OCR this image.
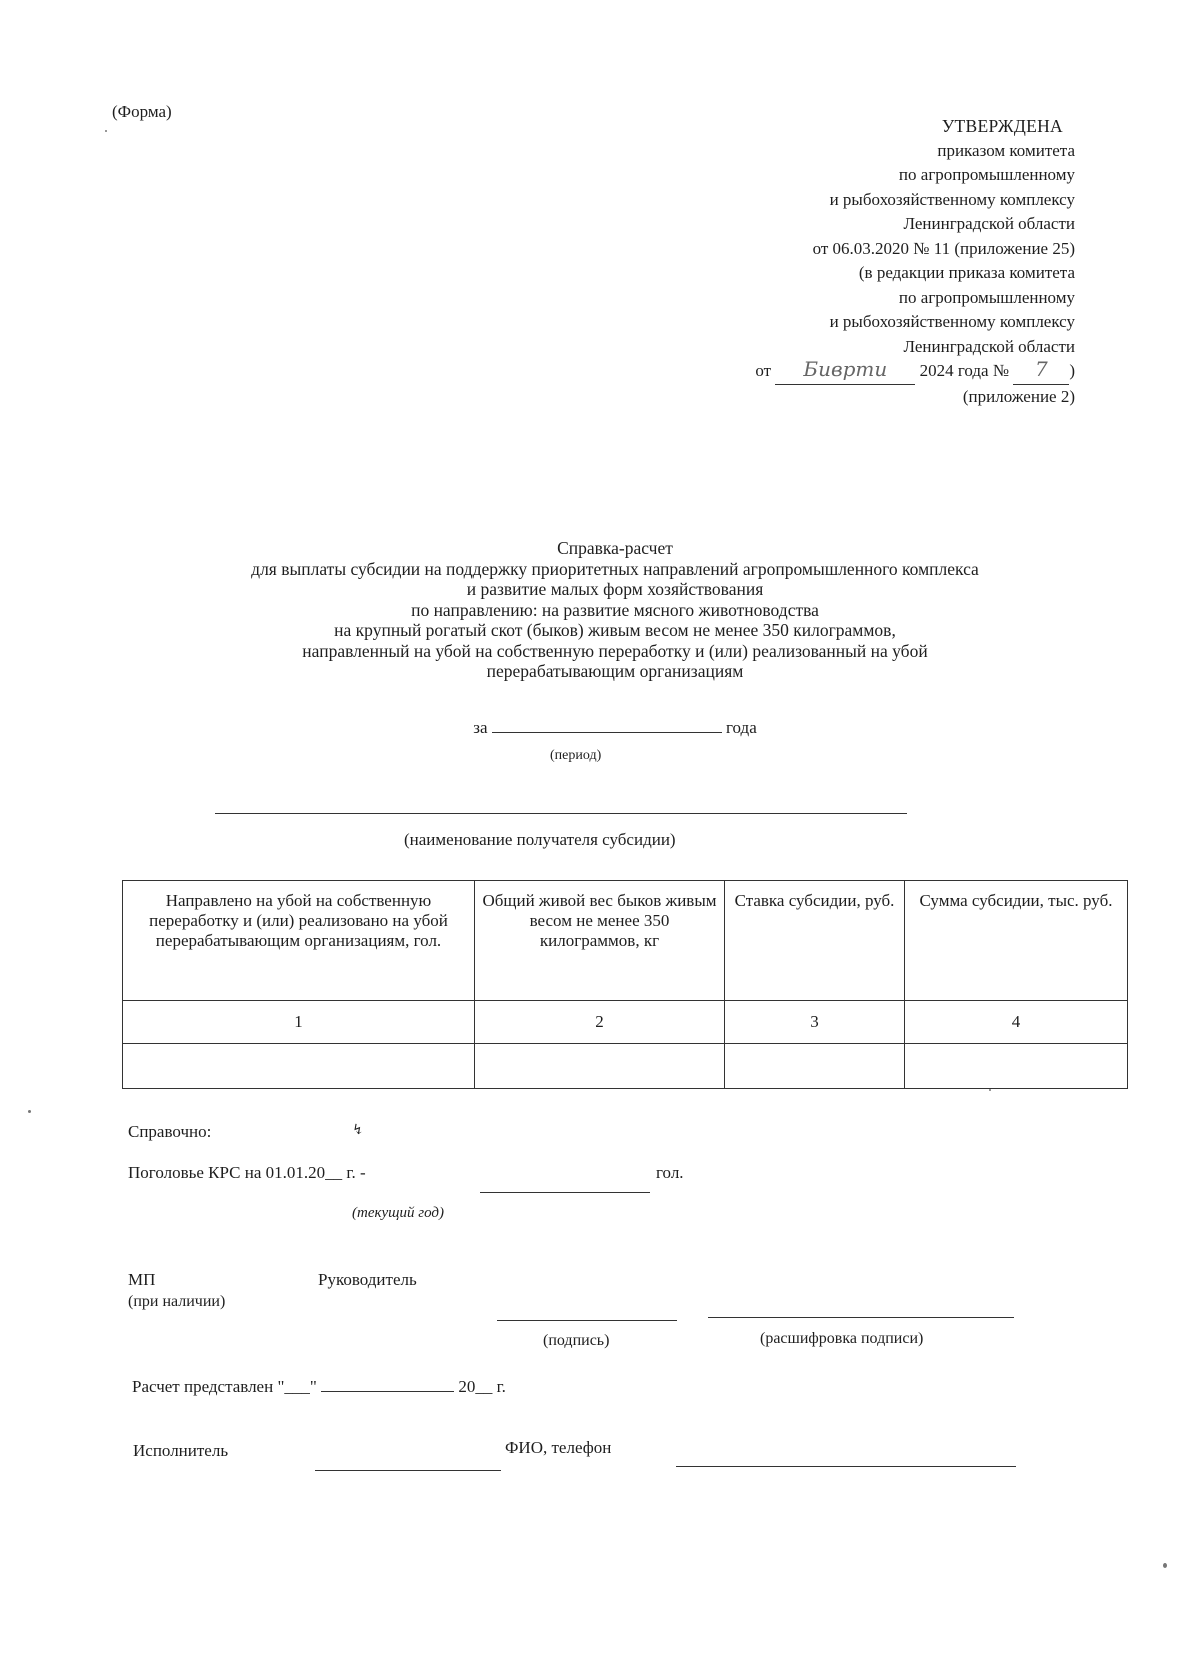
(Форма)
УТВЕРЖДЕНА
приказом комитета
по агропромышленному
и рыбохозяйственному комплексу
Ленинградской области
от 06.03.2020 № 11 (приложение 25)
(в редакции приказа комитета
по агропромышленному
и рыбохозяйственному комплексу
Ленинградской области
от Биврти 2024 года № 7 )
(приложение 2)
Справка-расчет
для выплаты субсидии на поддержку приоритетных направлений агропромышленного комплекса
и развитие малых форм хозяйствования
по направлению: на развитие мясного животноводства
на крупный рогатый скот (быков) живым весом не менее 350 килограммов,
направленный на убой на собственную переработку и (или) реализованный на убой
перерабатывающим организациям
за	года
(период)
(наименование получателя субсидии)
Направлено на убой на собственную переработку и (или) реализовано на убой перерабатывающим организациям, гол.	Общий живой вес быков живым весом не менее 350 килограммов, кг	Ставка субсидии, руб.	Сумма субсидии, тыс. руб.
1	2	3	4

Справочно:	↯
Поголовье КРС на 01.01.20__ г. -	гол.
(текущий год)
МП
(при наличии)
Руководитель
(подпись)	(расшифровка подписи)
Расчет представлен "___"	20__ г.
Исполнитель	ФИО, телефон
